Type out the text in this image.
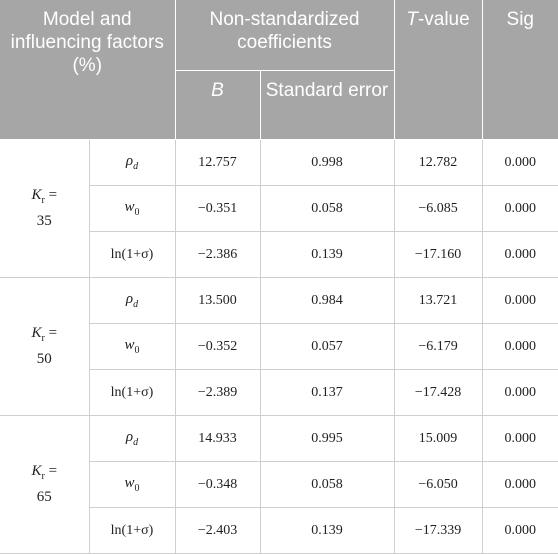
Model and influencing factors (%)		Non-standardized coefficients		T-value	Sig
		B	Standard error		
$K_r$ =
35	$\rho_d$	12.757	0.998	12.782	0.000
	$w_0$	−0.351	0.058	−6.085	0.000
	ln(1+σ)	−2.386	0.139	−17.160	0.000
$K_r$ =
50	$\rho_d$	13.500	0.984	13.721	0.000
	$w_0$	−0.352	0.057	−6.179	0.000
	ln(1+σ)	−2.389	0.137	−17.428	0.000
$K_r$ =
65	$\rho_d$	14.933	0.995	15.009	0.000
	$w_0$	−0.348	0.058	−6.050	0.000
	ln(1+σ)	−2.403	0.139	−17.339	0.000
